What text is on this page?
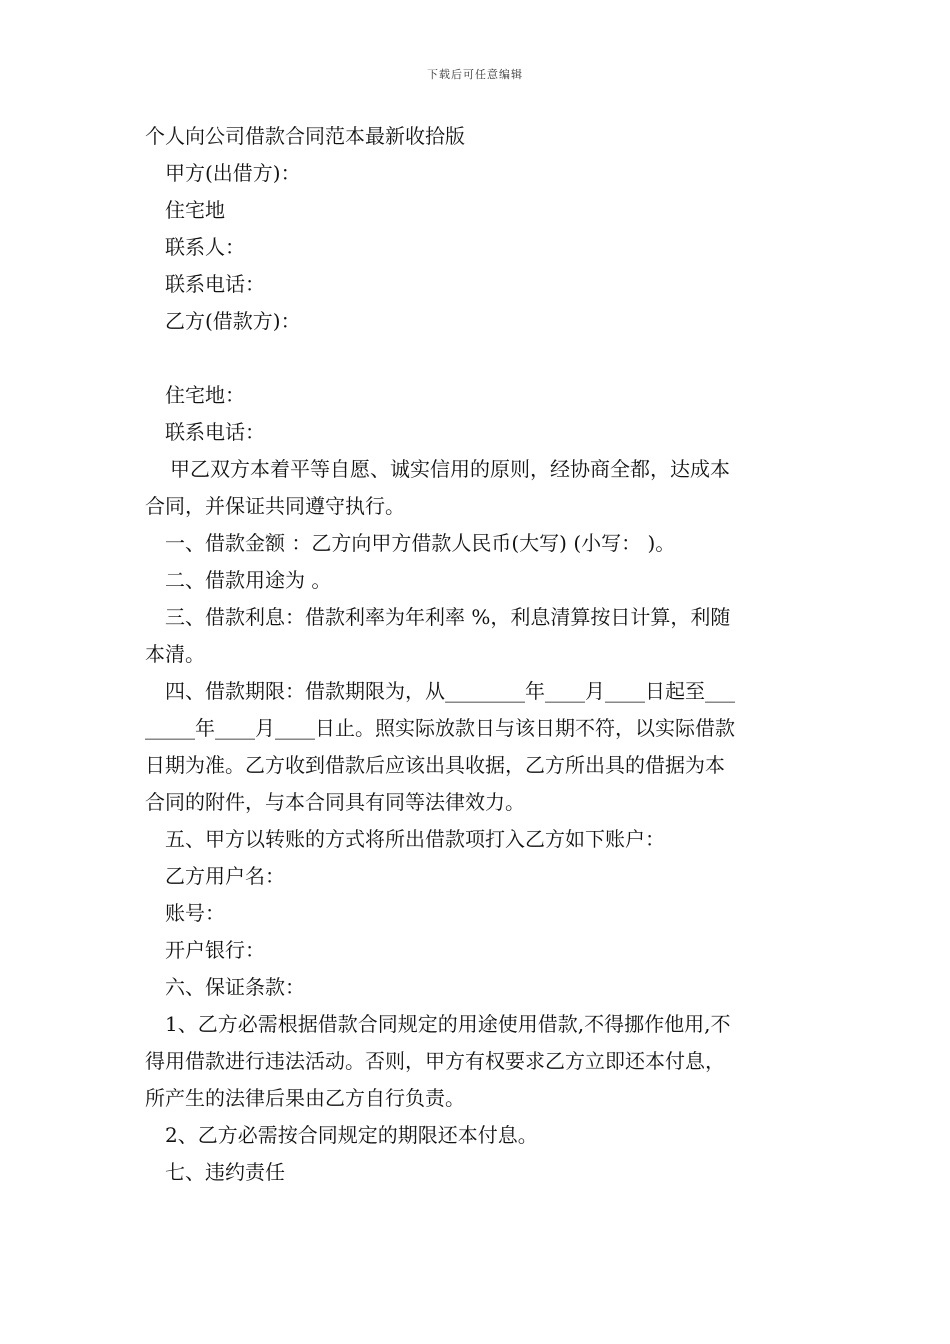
下载后可任意编辑

个人向公司借款合同范本最新收拾版

甲方(出借方)：

住宅地

联系人：

联系电话：

乙方(借款方)：

住宅地：

联系电话：

甲乙双方本着平等自愿、诚实信用的原则，经协商全都，达成本

合同，并保证共同遵守执行。

一、借款金额 ：乙方向甲方借款人民币(大写) (小写： )。

二、借款用途为 。

三、借款利息：借款利率为年利率 %，利息清算按日计算，利随

本清。

四、借款期限：借款期限为，从________年____月____日起至___

_____年____月____日止。照实际放款日与该日期不符，以实际借款

日期为准。乙方收到借款后应该出具收据，乙方所出具的借据为本

合同的附件，与本合同具有同等法律效力。

五、甲方以转账的方式将所出借款项打入乙方如下账户：

乙方用户名：

账号：

开户银行：

六、保证条款：

1、乙方必需根据借款合同规定的用途使用借款,不得挪作他用,不

得用借款进行违法活动。否则，甲方有权要求乙方立即还本付息，

所产生的法律后果由乙方自行负责。

2、乙方必需按合同规定的期限还本付息。

七、违约责任
